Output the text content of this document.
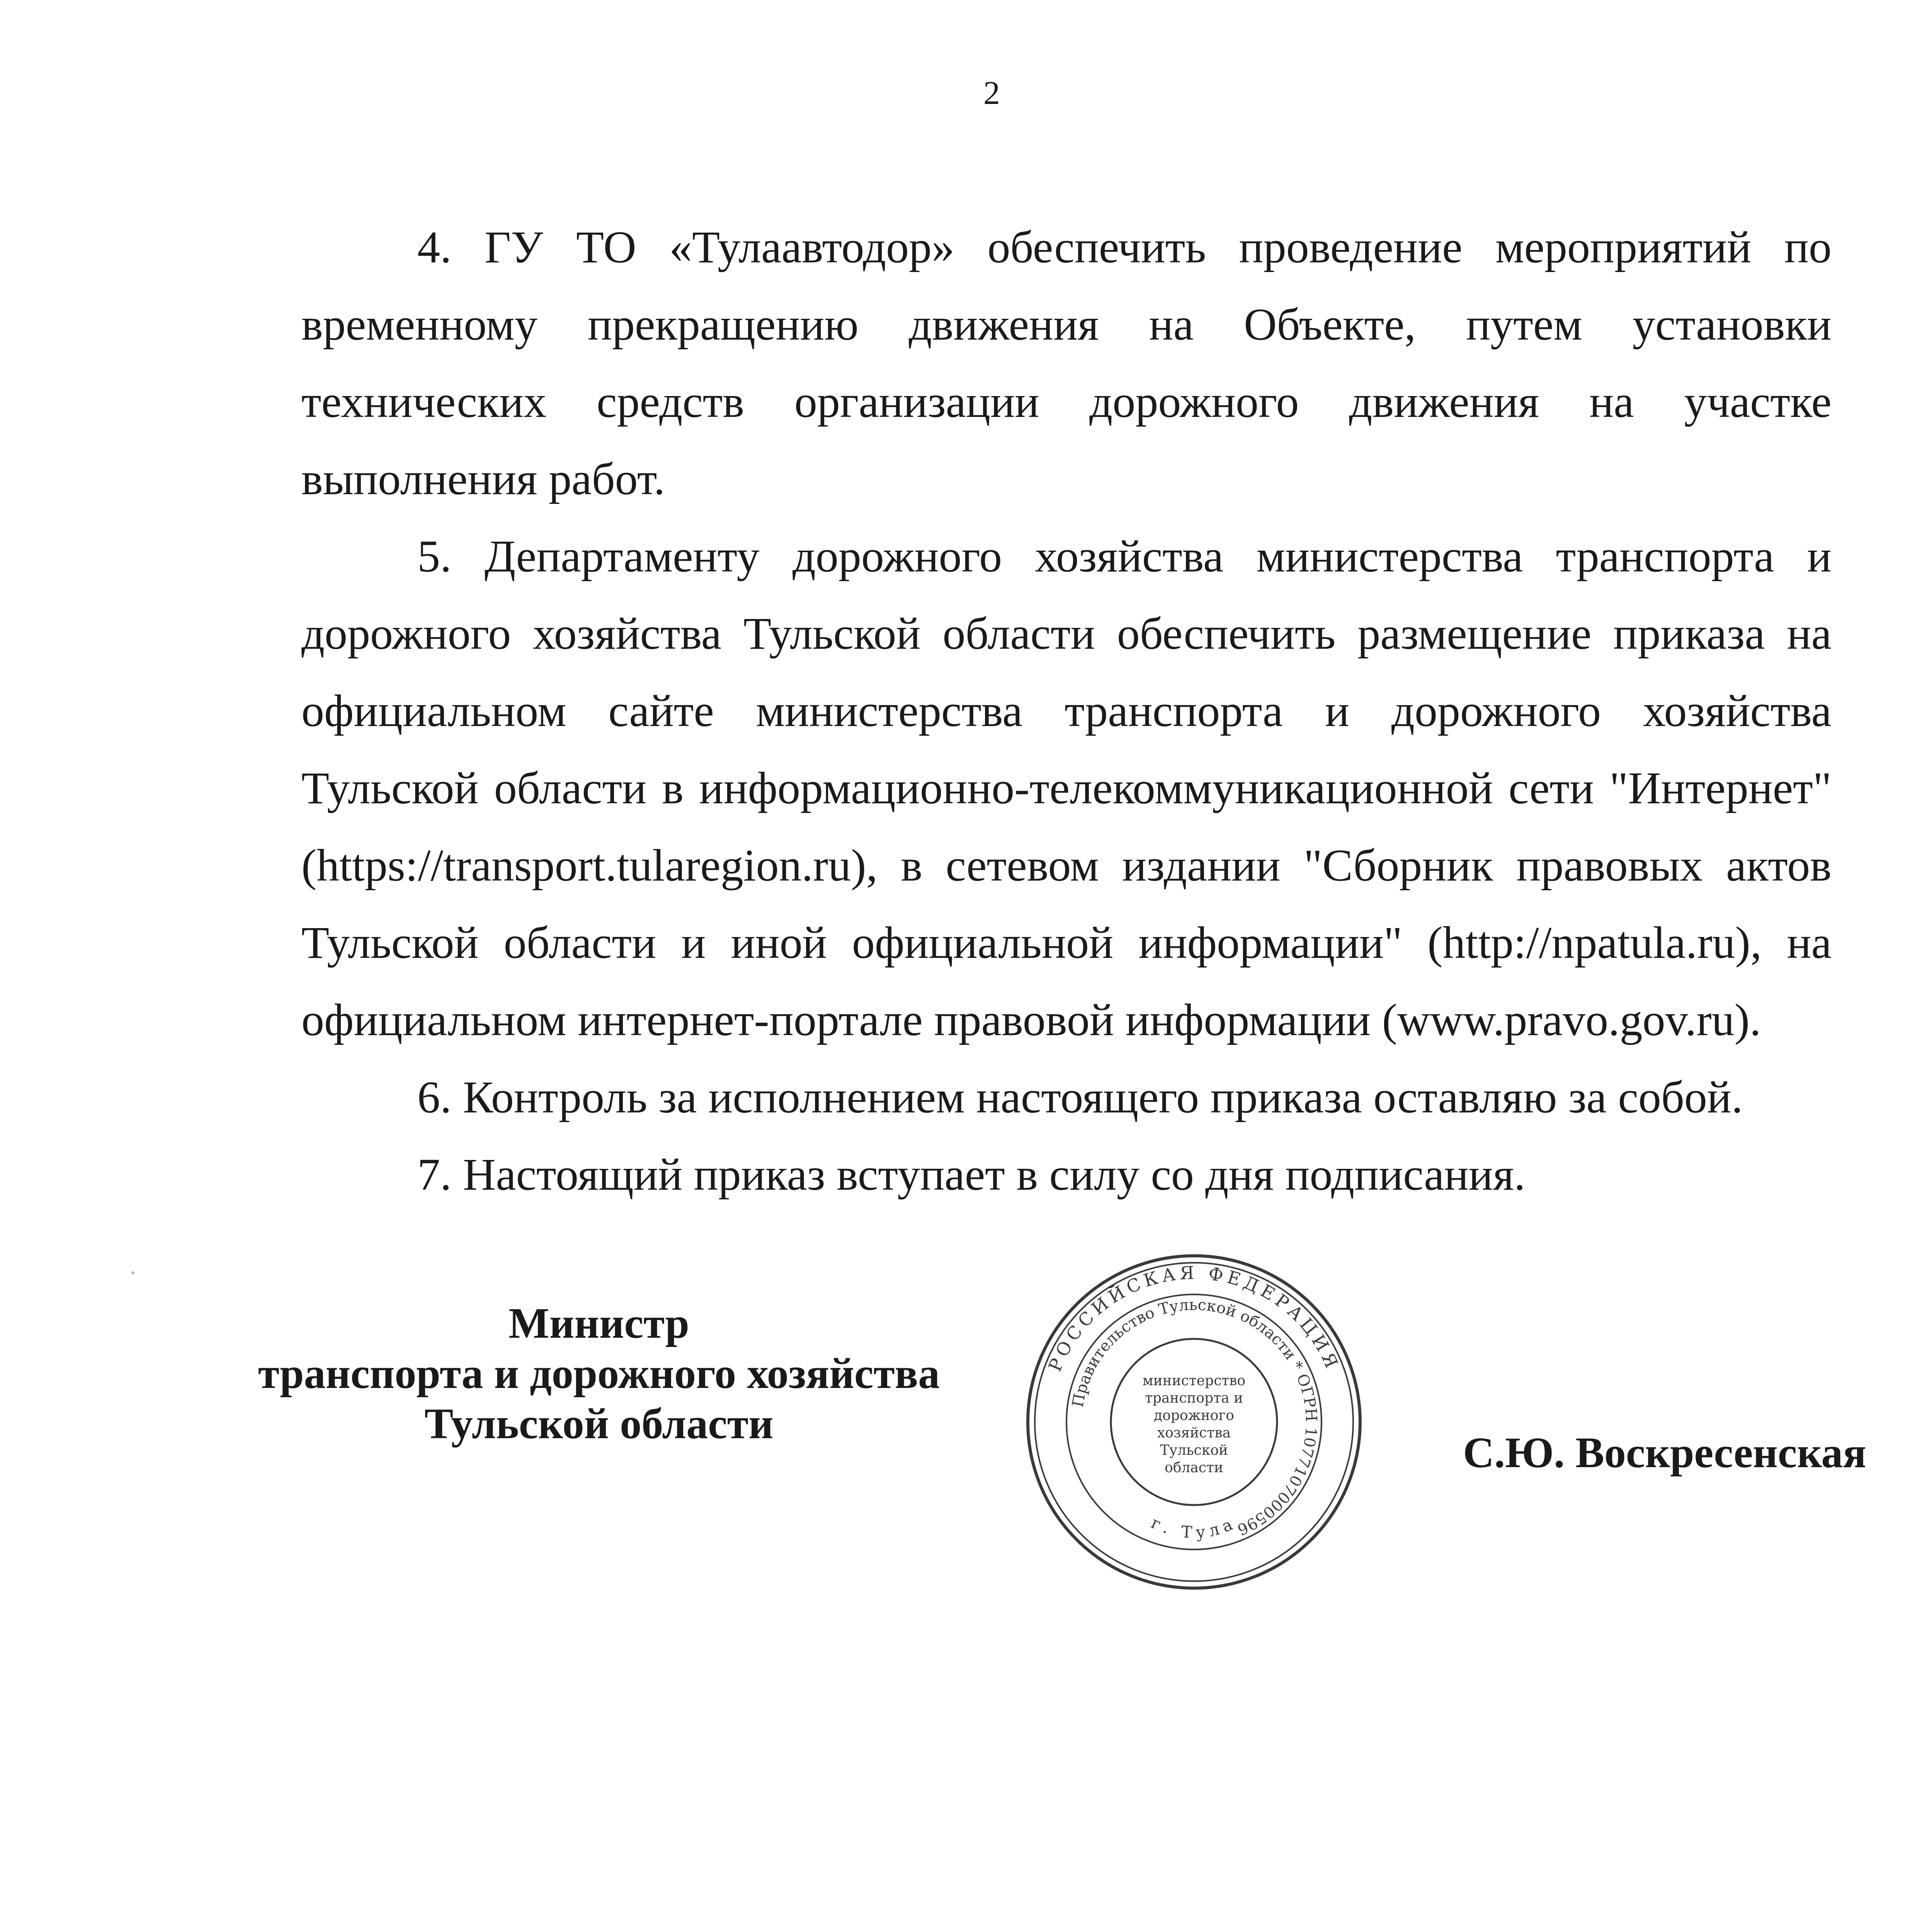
2

4. ГУ ТО «Тулаавтодор» обеспечить проведение мероприятий по временному прекращению движения на Объекте, путем установки технических средств организации дорожного движения на участке выполнения работ.

5. Департаменту дорожного хозяйства министерства транспорта и дорожного хозяйства Тульской области обеспечить размещение приказа на официальном сайте министерства транспорта и дорожного хозяйства Тульской области в информационно-телекоммуникационной сети "Интернет" (https://transport.tularegion.ru), в сетевом издании "Сборник правовых актов Тульской области и иной официальной информации" (http://npatula.ru), на официальном интернет-портале правовой информации (www.pravo.gov.ru).

6. Контроль за исполнением настоящего приказа оставляю за собой.

7. Настоящий приказ вступает в силу со дня подписания.

Министр
транспорта и дорожного хозяйства
Тульской области
РОССИЙСКАЯ ФЕДЕРАЦИЯ
Правительство Тульской области * ОГРН 1077107000596
г. Тула
министерство
транспорта и
дорожного
хозяйства
Тульской
области	С.Ю. Воскресенская
